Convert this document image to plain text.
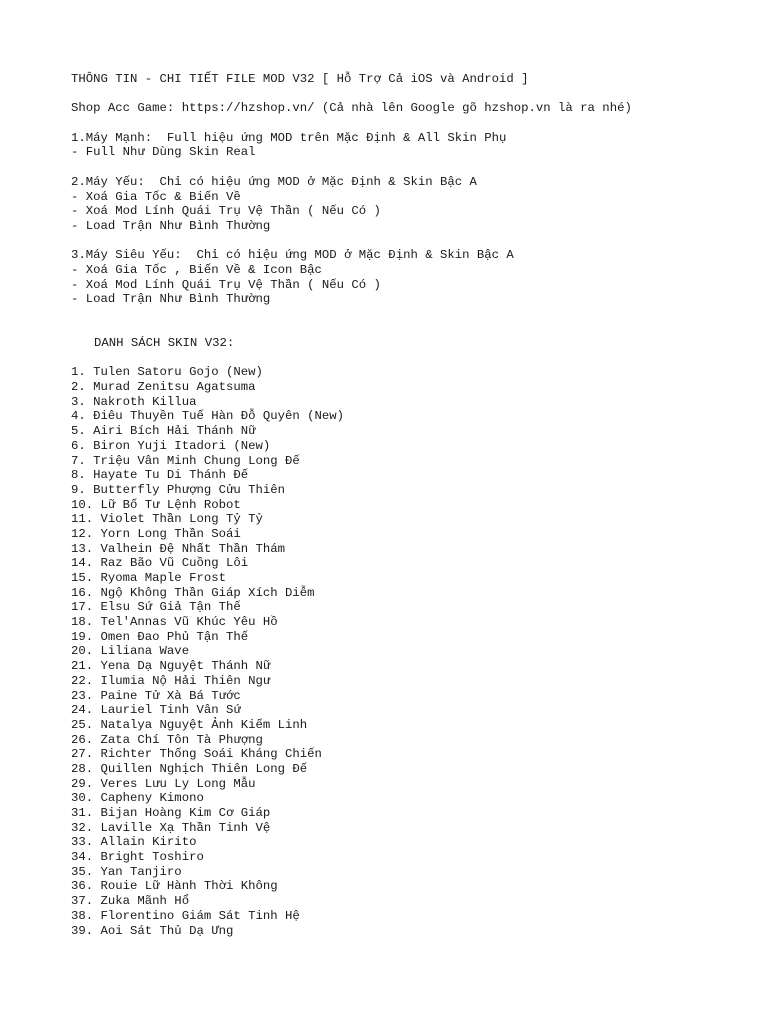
THÔNG TIN - CHI TIẾT FILE MOD V32 [ Hỗ Trợ Cả iOS và Android ]
Shop Acc Game: https://hzshop.vn/ (Cả nhà lên Google gõ hzshop.vn là ra nhé)
1.Máy Mạnh:  Full hiệu ứng MOD trên Mặc Định & All Skin Phụ
- Full Như Dùng Skin Real
2.Máy Yếu:  Chỉ có hiệu ứng MOD ở Mặc Định & Skin Bậc A
- Xoá Gia Tốc & Biến Về
- Xoá Mod Lính Quái Trụ Vệ Thần ( Nếu Có )
- Load Trận Như Bình Thường
3.Máy Siêu Yếu:  Chỉ có hiệu ứng MOD ở Mặc Định & Skin Bậc A
- Xoá Gia Tốc , Biến Về & Icon Bậc
- Xoá Mod Lính Quái Trụ Vệ Thần ( Nếu Có )
- Load Trận Như Bình Thường
DANH SÁCH SKIN V32:
1. Tulen Satoru Gojo (New)
2. Murad Zenitsu Agatsuma
3. Nakroth Killua
4. Điêu Thuyền Tuế Hàn Đỗ Quyên (New)
5. Airi Bích Hải Thánh Nữ
6. Biron Yuji Itadori (New)
7. Triệu Vân Minh Chung Long Đế
8. Hayate Tu Di Thánh Đế
9. Butterfly Phượng Cửu Thiên
10. Lữ Bố Tư Lệnh Robot
11. Violet Thần Long Tỷ Tỷ
12. Yorn Long Thần Soái
13. Valhein Đệ Nhất Thần Thám
14. Raz Bão Vũ Cuồng Lôi
15. Ryoma Maple Frost
16. Ngộ Không Thần Giáp Xích Diễm
17. Elsu Sứ Giả Tận Thế
18. Tel'Annas Vũ Khúc Yêu Hồ
19. Omen Đao Phủ Tận Thế
20. Liliana Wave
21. Yena Dạ Nguyệt Thánh Nữ
22. Ilumia Nộ Hải Thiên Ngư
23. Paine Tử Xà Bá Tước
24. Lauriel Tinh Vân Sứ
25. Natalya Nguyệt Ảnh Kiếm Linh
26. Zata Chí Tôn Tà Phượng
27. Richter Thống Soái Kháng Chiến
28. Quillen Nghịch Thiên Long Đế
29. Veres Lưu Ly Long Mẫu
30. Capheny Kimono
31. Bijan Hoàng Kim Cơ Giáp
32. Laville Xạ Thần Tinh Vệ
33. Allain Kirito
34. Bright Toshiro
35. Yan Tanjiro
36. Rouie Lữ Hành Thời Không
37. Zuka Mãnh Hổ
38. Florentino Giám Sát Tinh Hệ
39. Aoi Sát Thủ Dạ Ưng
